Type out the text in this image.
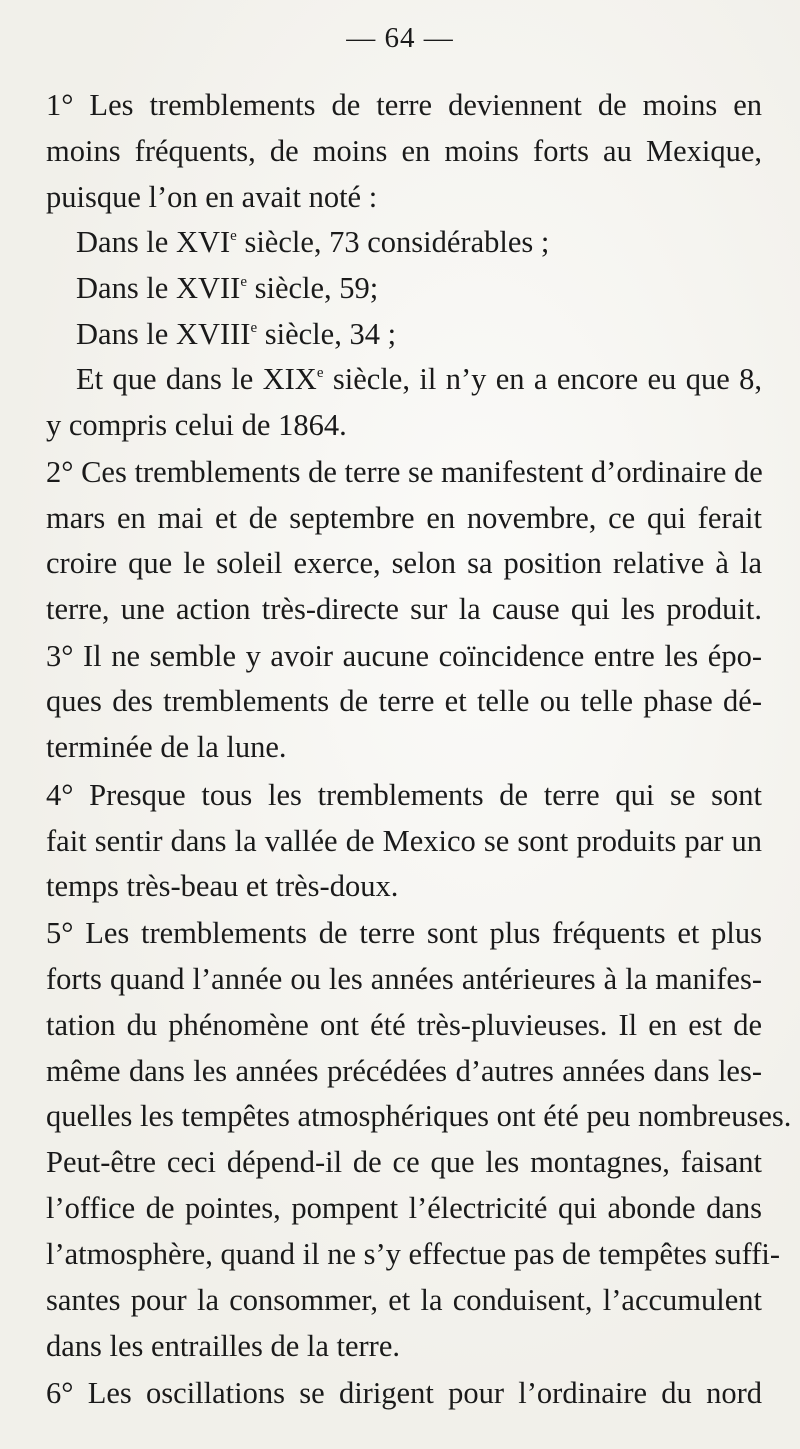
— 64 —
1° Les tremblements de terre deviennent de moins en
moins fréquents, de moins en moins forts au Mexique,
puisque l’on en avait noté :
Dans le XVIe siècle, 73 considérables ;
Dans le XVIIe siècle, 59;
Dans le XVIIIe siècle, 34 ;
Et que dans le XIXe siècle, il n’y en a encore eu que 8,
y compris celui de 1864.
2° Ces tremblements de terre se manifestent d’ordinaire de
mars en mai et de septembre en novembre, ce qui ferait
croire que le soleil exerce, selon sa position relative à la
terre, une action très-directe sur la cause qui les produit.
3° Il ne semble y avoir aucune coïncidence entre les épo-
ques des tremblements de terre et telle ou telle phase dé-
terminée de la lune.
4° Presque tous les tremblements de terre qui se sont
fait sentir dans la vallée de Mexico se sont produits par un
temps très-beau et très-doux.
5° Les tremblements de terre sont plus fréquents et plus
forts quand l’année ou les années antérieures à la manifes-
tation du phénomène ont été très-pluvieuses. Il en est de
même dans les années précédées d’autres années dans les-
quelles les tempêtes atmosphériques ont été peu nombreuses.
Peut-être ceci dépend-il de ce que les montagnes, faisant
l’office de pointes, pompent l’électricité qui abonde dans
l’atmosphère, quand il ne s’y effectue pas de tempêtes suffi-
santes pour la consommer, et la conduisent, l’accumulent
dans les entrailles de la terre.
6° Les oscillations se dirigent pour l’ordinaire du nord
